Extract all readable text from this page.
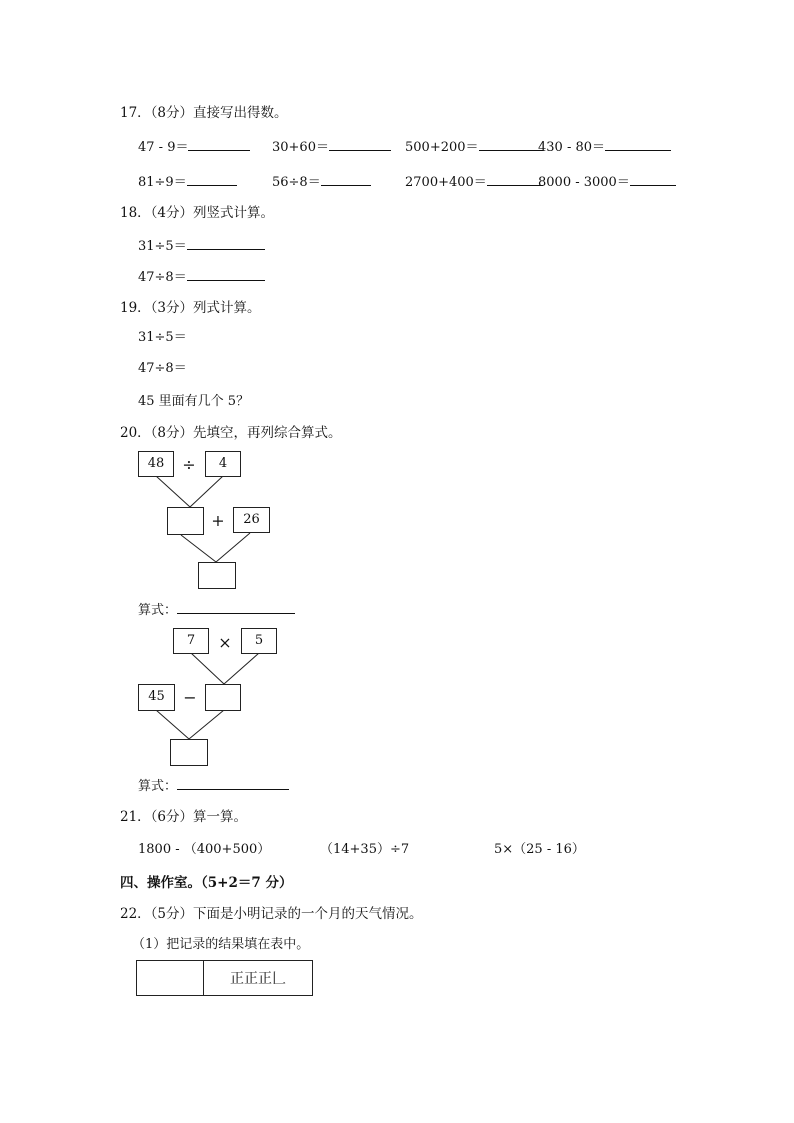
17．（8分）直接写出得数。
47 - 9＝	30+60＝	500+200＝	430 - 80＝
81÷9＝	56÷8＝	2700+400＝	8000 - 3000＝
18．（4分）列竖式计算。
31÷5＝
47÷8＝
19．（3分）列式计算。
31÷5＝
47÷8＝
45 里面有几个 5？
20．（8分）先填空，再列综合算式。
48	÷	4
+	26
算式：
7	×	5
45	−
算式：
21．（6分）算一算。
1800 - （400+500）	（14+35）÷7	5×（25 - 16）
四、操作室。（5+2＝7 分）
22．（5分）下面是小明记录的一个月的天气情况。
（1）把记录的结果填在表中。
	正正正𠃊
